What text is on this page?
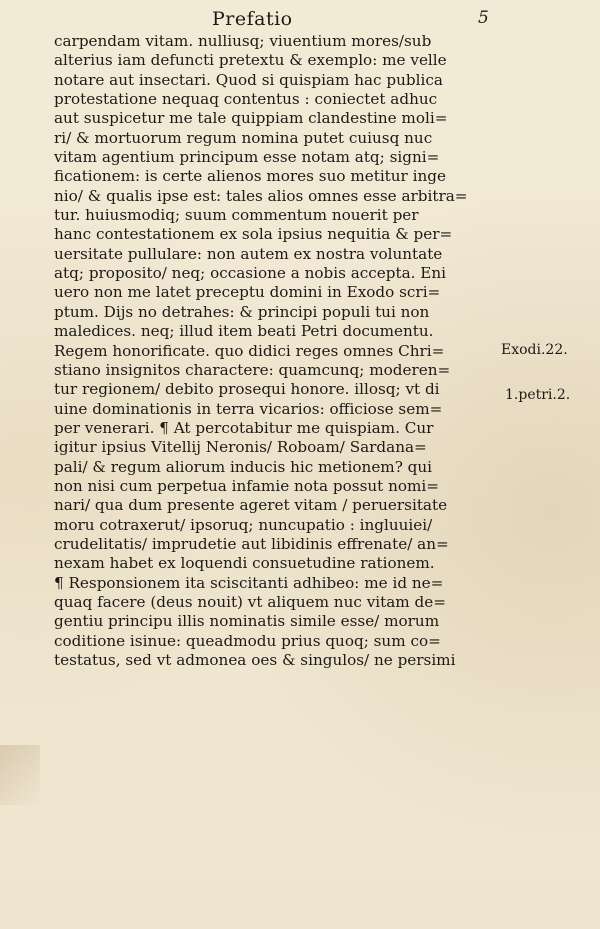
Prefatio	5
carpendam vitam. nulliusq; viuentium mores/sub
alterius iam defuncti pretextu & exemplo: me velle
notare aut insectari. Quod si quispiam hac publica
protestatione nequaq contentus : coniectet adhuc
aut suspicetur me tale quippiam clandestine moli=
ri/ & mortuorum regum nomina putet cuiusq nuc
vitam agentium principum esse notam atq; signi=
ficationem: is certe alienos mores suo metitur inge
nio/ & qualis ipse est: tales alios omnes esse arbitra=
tur. huiusmodiq; suum commentum nouerit per
hanc contestationem ex sola ipsius nequitia & per=
uersitate pullulare: non autem ex nostra voluntate
atq; proposito/ neq; occasione a nobis accepta. Eni
uero non me latet preceptu domini in Exodo scri=
ptum. Dijs no detrahes: & principi populi tui non
maledices. neq; illud item beati Petri documentu.
Regem honorificate. quo didici reges omnes Chri=
stiano insignitos charactere: quamcunq; moderen=
tur regionem/ debito prosequi honore. illosq; vt di
uine dominationis in terra vicarios: officiose sem=
per venerari. ¶ At percotabitur me quispiam. Cur
igitur ipsius Vitellij Neronis/ Roboam/ Sardana=
pali/ & regum aliorum inducis hic metionem? qui
non nisi cum perpetua infamie nota possut nomi=
nari/ qua dum presente ageret vitam / peruersitate
moru cotraxerut/ ipsoruq; nuncupatio : ingluuiei/
crudelitatis/ imprudetie aut libidinis effrenate/ an=
nexam habet ex loquendi consuetudine rationem.
¶ Responsionem ita sciscitanti adhibeo: me id ne=
quaq facere (deus nouit) vt aliquem nuc vitam de=
gentiu principu illis nominatis simile esse/ morum
coditione isinue: queadmodu prius quoq; sum co=
testatus, sed vt admonea oes & singulos/ ne persimi
Exodi.22.
1.petri.2.
